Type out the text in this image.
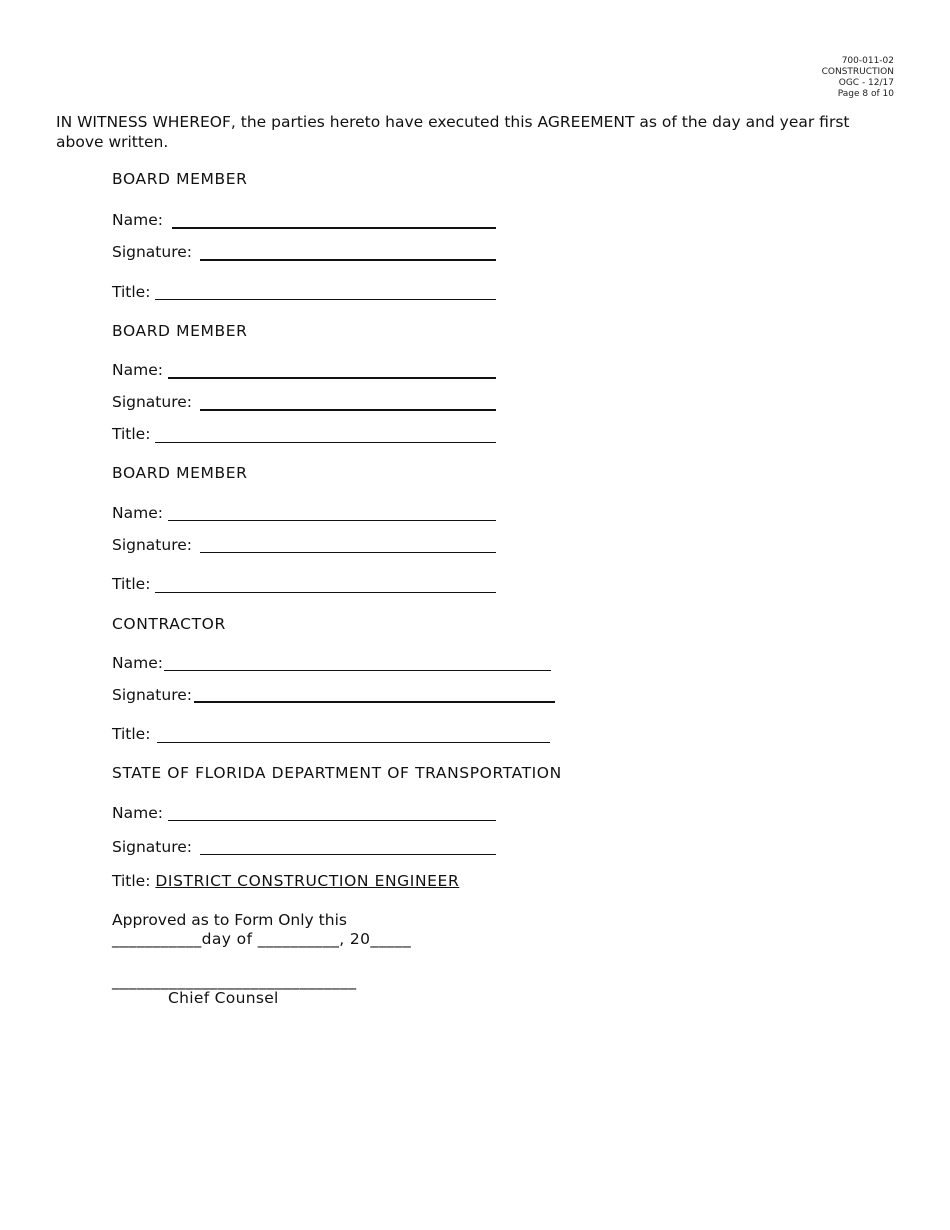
700-011-02
CONSTRUCTION
OGC - 12/17
Page 8 of 10
IN WITNESS WHEREOF, the parties hereto have executed this AGREEMENT as of the day and year first above written.
BOARD MEMBER
Name:
Signature:
Title:
BOARD MEMBER
Name:
Signature:
Title:
BOARD MEMBER
Name:
Signature:
Title:
CONTRACTOR
Name:
Signature:
Title:
STATE OF FLORIDA DEPARTMENT OF TRANSPORTATION
Name:
Signature:
Title: DISTRICT CONSTRUCTION ENGINEER
Approved as to Form Only this
___________day of __________, 20_____
______________________________
Chief Counsel
